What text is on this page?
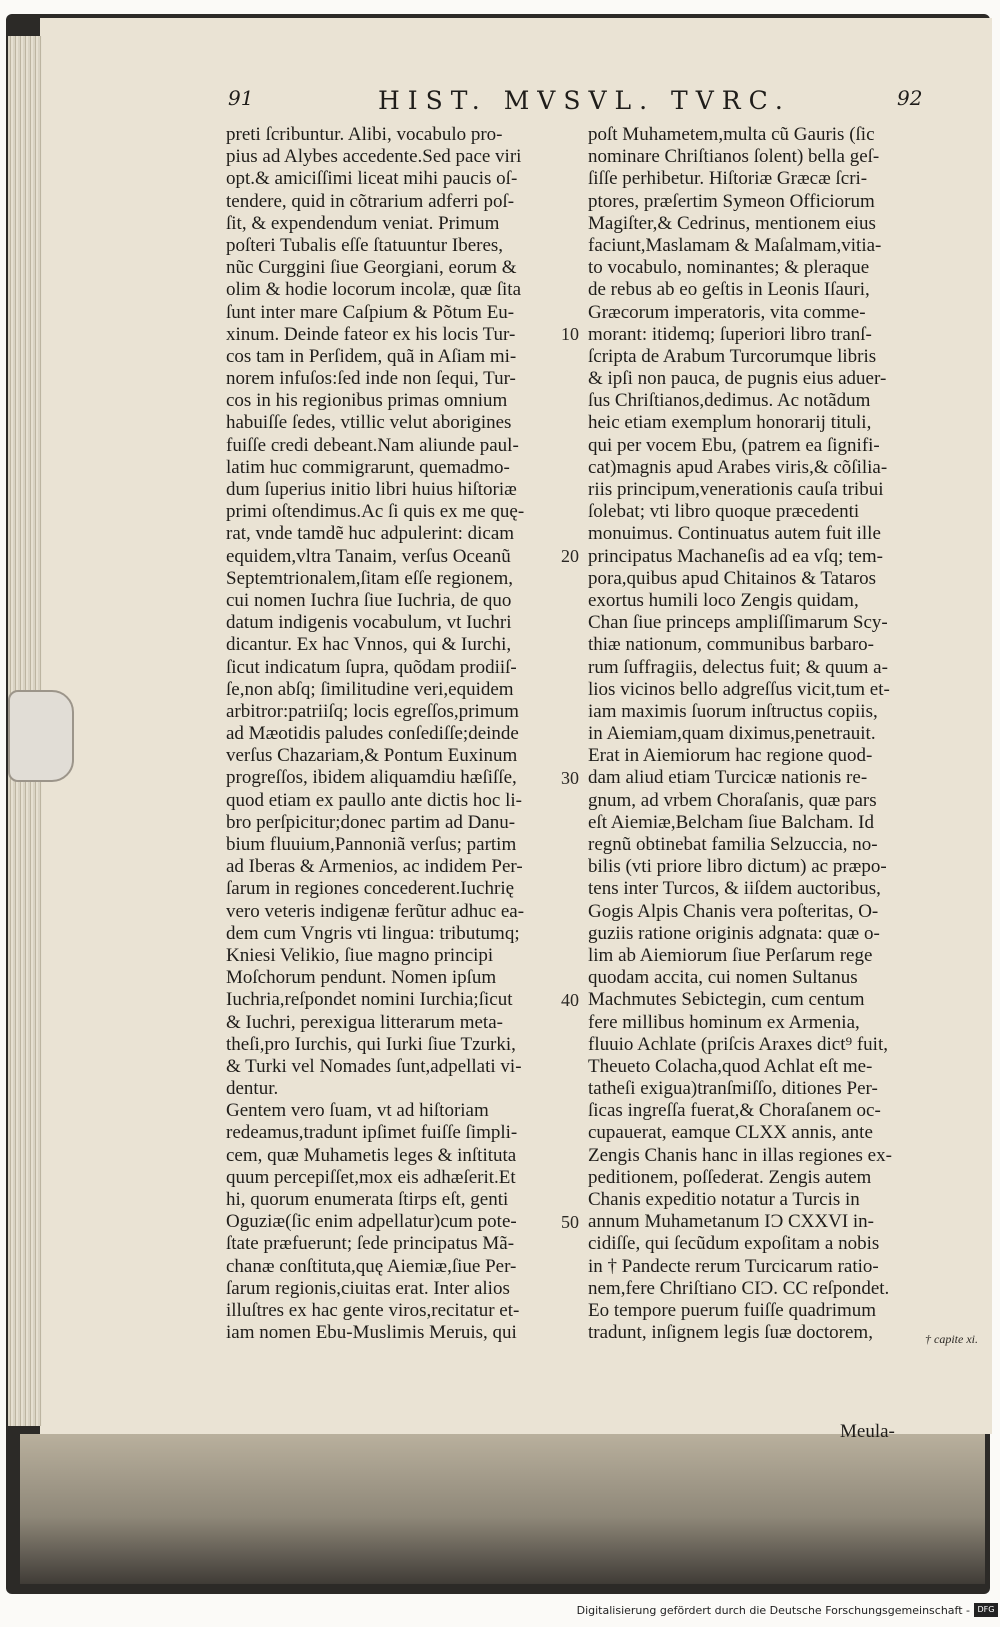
91	HIST. MVSVL. TVRC.	92
preti ſcribuntur. Alibi, vocabulo pro-
pius ad Alybes accedente.Sed pace viri
opt.& amiciſſimi liceat mihi paucis oſ-
tendere, quid in cõtrarium adferri poſ-
ſit, & expendendum veniat. Primum
poſteri Tubalis eſſe ſtatuuntur Iberes,
nũc Curggini ſiue Georgiani, eorum &
olim & hodie locorum incolæ, quæ ſita
ſunt inter mare Caſpium & Põtum Eu-
xinum. Deinde fateor ex his locis Tur-
cos tam in Perſidem, quã in Aſiam mi-
norem infuſos:ſed inde non ſequi, Tur-
cos in his regionibus primas omnium
habuiſſe ſedes, vtillic velut aborigines
fuiſſe credi debeant.Nam aliunde paul-
latim huc commigrarunt, quemadmo-
dum ſuperius initio libri huius hiſtoriæ
primi oſtendimus.Ac ſi quis ex me quę-
rat, vnde tamdẽ huc adpulerint: dicam
equidem,vltra Tanaim, verſus Oceanũ
Septemtrionalem,ſitam eſſe regionem,
cui nomen Iuchra ſiue Iuchria, de quo
datum indigenis vocabulum, vt Iuchri
dicantur. Ex hac Vnnos, qui & Iurchi,
ſicut indicatum ſupra, quõdam prodiiſ-
ſe,non abſq; ſimilitudine veri,equidem
arbitror:patriiſq; locis egreſſos,primum
ad Mæotidis paludes conſediſſe;deinde
verſus Chazariam,& Pontum Euxinum
progreſſos, ibidem aliquamdiu hæſiſſe,
quod etiam ex paullo ante dictis hoc li-
bro perſpicitur;donec partim ad Danu-
bium fluuium,Pannoniã verſus; partim
ad Iberas & Armenios, ac indidem Per-
ſarum in regiones concederent.Iuchrię
vero veteris indigenæ ferũtur adhuc ea-
dem cum Vngris vti lingua: tributumq;
Kniesi Velikio, ſiue magno principi
Moſchorum pendunt. Nomen ipſum
Iuchria,reſpondet nomini Iurchia;ſicut
& Iuchri, perexigua litterarum meta-
theſi,pro Iurchis, qui Iurki ſiue Tzurki,
& Turki vel Nomades ſunt,adpellati vi-
dentur.
Gentem vero ſuam, vt ad hiſtoriam
redeamus,tradunt ipſimet fuiſſe ſimpli-
cem, quæ Muhametis leges & inſtituta
quum percepiſſet,mox eis adhæſerit.Et
hi, quorum enumerata ſtirps eſt, genti
Oguziæ(ſic enim adpellatur)cum pote-
ſtate præfuerunt; ſede principatus Mã-
chanæ conſtituta,quę Aiemiæ,ſiue Per-
ſarum regionis,ciuitas erat. Inter alios
illuſtres ex hac gente viros,recitatur et-
iam nomen Ebu-Muslimis Meruis, qui
poſt Muhametem,multa cũ Gauris (ſic
nominare Chriſtianos ſolent) bella geſ-
ſiſſe perhibetur. Hiſtoriæ Græcæ ſcri-
ptores, præſertim Symeon Officiorum
Magiſter,& Cedrinus, mentionem eius
faciunt,Maslamam & Maſalmam,vitia-
to vocabulo, nominantes; & pleraque
de rebus ab eo geſtis in Leonis Iſauri,
Græcorum imperatoris, vita comme-
morant: itidemq; ſuperiori libro tranſ-
ſcripta de Arabum Turcorumque libris
& ipſi non pauca, de pugnis eius aduer-
ſus Chriſtianos,dedimus. Ac notãdum
heic etiam exemplum honorarij tituli,
qui per vocem Ebu, (patrem ea ſignifi-
cat)magnis apud Arabes viris,& cõſilia-
riis principum,venerationis cauſa tribui
ſolebat; vti libro quoque præcedenti
monuimus. Continuatus autem fuit ille
principatus Machaneſis ad ea vſq; tem-
pora,quibus apud Chitainos & Tataros
exortus humili loco Zengis quidam,
Chan ſiue princeps ampliſſimarum Scy-
thiæ nationum, communibus barbaro-
rum ſuffragiis, delectus fuit; & quum a-
lios vicinos bello adgreſſus vicit,tum et-
iam maximis ſuorum inſtructus copiis,
in Aiemiam,quam diximus,penetrauit.
Erat in Aiemiorum hac regione quod-
dam aliud etiam Turcicæ nationis re-
gnum, ad vrbem Choraſanis, quæ pars
eſt Aiemiæ,Belcham ſiue Balcham. Id
regnũ obtinebat familia Selzuccia, no-
bilis (vti priore libro dictum) ac præpo-
tens inter Turcos, & iiſdem auctoribus,
Gogis Alpis Chanis vera poſteritas, O-
guziis ratione originis adgnata: quæ o-
lim ab Aiemiorum ſiue Perſarum rege
quodam accita, cui nomen Sultanus
Machmutes Sebictegin, cum centum
fere millibus hominum ex Armenia,
fluuio Achlate (priſcis Araxes dict⁹ fuit,
Theueto Colacha,quod Achlat eſt me-
tatheſi exigua)tranſmiſſo, ditiones Per-
ſicas ingreſſa fuerat,& Choraſanem oc-
cupauerat, eamque CLXX annis, ante
Zengis Chanis hanc in illas regiones ex-
peditionem, poſſederat. Zengis autem
Chanis expeditio notatur a Turcis in
annum Muhametanum IƆ CXXVI in-
cidiſſe, qui ſecũdum expoſitam a nobis
in † Pandecte rerum Turcicarum ratio-
nem,fere Chriſtiano CIƆ. CC reſpondet.
Eo tempore puerum fuiſſe quadrimum
tradunt, inſignem legis ſuæ doctorem,
10
20
30
40
50
† capite xi.
Meula-
Digitalisierung gefördert durch die Deutsche Forschungsgemeinschaft - DFG
